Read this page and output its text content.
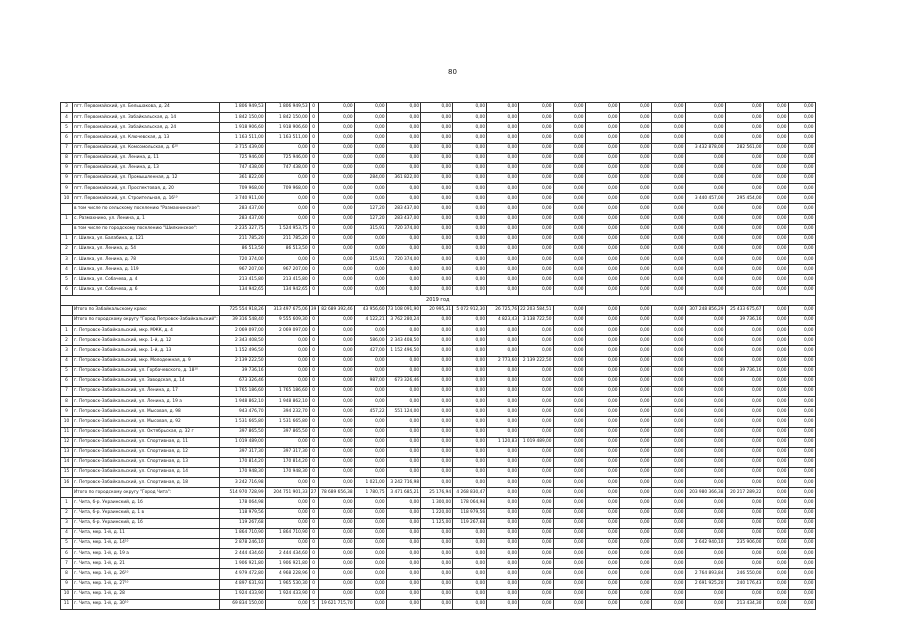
80
3	пгт. Первомайский, ул. Бельшакова, д. 24	1 806 949,53	1 806 949,53	0	0,00	0,00	0,00	0,00	0,00	0,00	0,00	0,00	0,00	0,00	0,00	0,00	0,00	0,00	0,00
4	пгт. Первомайский, ул. Забайкальская, д. 14	1 842 150,00	1 842 150,00	0	0,00	0,00	0,00	0,00	0,00	0,00	0,00	0,00	0,00	0,00	0,00	0,00	0,00	0,00	0,00
5	пгт. Первомайский, ул. Забайкальская, д. 24	1 918 906,60	1 918 906,60	0	0,00	0,00	0,00	0,00	0,00	0,00	0,00	0,00	0,00	0,00	0,00	0,00	0,00	0,00	0,00
6	пгт. Первомайский, ул. Ключевская, д. 13	1 163 511,00	1 163 511,00	0	0,00	0,00	0,00	0,00	0,00	0,00	0,00	0,00	0,00	0,00	0,00	0,00	0,00	0,00	0,00
7	пгт. Первомайский, ул. Комсомольская, д. 6¹⁰	3 715 439,00	0,00	0	0,00	0,00	0,00	0,00	0,00	0,00	0,00	0,00	0,00	0,00	0,00	3 432 878,00	282 561,00	0,00	0,00
8	пгт. Первомайский, ул. Ленина, д. 11	725 946,00	725 946,00	0	0,00	0,00	0,00	0,00	0,00	0,00	0,00	0,00	0,00	0,00	0,00	0,00	0,00	0,00	0,00
9	пгт. Первомайский, ул. Ленина, д. 13	747 438,00	747 438,00	0	0,00	0,00	0,00	0,00	0,00	0,00	0,00	0,00	0,00	0,00	0,00	0,00	0,00	0,00	0,00
9	пгт. Первомайский, ул. Промышленная, д. 12	361 822,00	0,00	0	0,00	284,00	361 822,00	0,00	0,00	0,00	0,00	0,00	0,00	0,00	0,00	0,00	0,00	0,00	0,00
9	пгт. Первомайский, ул. Проспектовая, д. 20	709 968,00	709 968,00	0	0,00	0,00	0,00	0,00	0,00	0,00	0,00	0,00	0,00	0,00	0,00	0,00	0,00	0,00	0,00
10	пгт. Первомайский, ул. Строительная, д. 16¹⁰	3 740 911,00	0,00	0	0,00	0,00	0,00	0,00	0,00	0,00	0,00	0,00	0,00	0,00	0,00	3 440 457,00	295 454,00	0,00	0,00
	в том числе по сельскому поселению "Размахнинское":	283 437,00	0,00	0	0,00	127,20	283 437,00	0,00	0,00	0,00	0,00	0,00	0,00	0,00	0,00	0,00	0,00	0,00	0,00
1	с. Размахнино, ул. Ленина, д. 1	283 437,00	0,00	0	0,00	127,20	283 437,00	0,00	0,00	0,00	0,00	0,00	0,00	0,00	0,00	0,00	0,00	0,00	0,00
	в том числе по городскому поселению "Шилкинское":	2 235 327,75	1 524 953,75	0	0,00	315,91	720 374,00	0,00	0,00	0,00	0,00	0,00	0,00	0,00	0,00	0,00	0,00	0,00	0,00
1	г. Шилка, ул. Балабина, д. 121	211 785,20	211 785,20	0	0,00	0,00	0,00	0,00	0,00	0,00	0,00	0,00	0,00	0,00	0,00	0,00	0,00	0,00	0,00
2	г. Шилка, ул. Ленина, д. 54	86 513,50	86 513,50	0	0,00	0,00	0,00	0,00	0,00	0,00	0,00	0,00	0,00	0,00	0,00	0,00	0,00	0,00	0,00
3	г. Шилка, ул. Ленина, д. 78	720 374,00	0,00	0	0,00	315,91	720 374,00	0,00	0,00	0,00	0,00	0,00	0,00	0,00	0,00	0,00	0,00	0,00	0,00
4	г. Шилка, ул. Ленина, д. 119	967 207,00	967 207,00	0	0,00	0,00	0,00	0,00	0,00	0,00	0,00	0,00	0,00	0,00	0,00	0,00	0,00	0,00	0,00
5	г. Шилка, ул. Собачева, д. 4	213 415,80	213 415,80	0	0,00	0,00	0,00	0,00	0,00	0,00	0,00	0,00	0,00	0,00	0,00	0,00	0,00	0,00	0,00
6	г. Шилка, ул. Собачева, д. 6	134 942,65	134 942,65	0	0,00	0,00	0,00	0,00	0,00	0,00	0,00	0,00	0,00	0,00	0,00	0,00	0,00	0,00	0,00
2019 год																			
	Итого по Забайкальскому краю:	725 554 918,26	313 497 675,06	39	82 689 392,46	43 956,60	73 108 091,90	20 995,31	5 072 912,30	26 725,76	22 203 584,51	0,00	0,00	0,00	0,00	307 248 856,29	25 433 675,67	0,00	0,00
	Итого по городскому округу "Город Петровск-Забайкальский":	39 316 548,40	9 555 609,30	0	0,00	4 122,21	3 762 280,24	0,00	0,00	4 823,43	3 138 722,50	0,00	0,00	0,00	0,00	0,00	39 736,16	0,00	0,00
1	г. Петровск-Забайкальский, мкр. МЖК, д. 4	2 069 097,00	2 069 097,00	0	0,00	0,00	0,00	0,00	0,00	0,00	0,00	0,00	0,00	0,00	0,00	0,00	0,00	0,00	0,00
2	г. Петровск-Забайкальский, мкр. 1-й, д. 12	2 343 408,50	0,00	0	0,00	586,00	2 343 408,50	0,00	0,00	0,00	0,00	0,00	0,00	0,00	0,00	0,00	0,00	0,00	0,00
3	г. Петровск-Забайкальский, мкр. 1-й, д. 13	1 152 496,50	0,00	0	0,00	427,00	1 152 496,50	0,00	0,00	0,00	0,00	0,00	0,00	0,00	0,00	0,00	0,00	0,00	0,00
4	г. Петровск-Забайкальский, мкр. Молодежная, д. 9	2 139 222,50	0,00	0	0,00	0,00	0,00	0,00	0,00	2 773,60	2 139 222,50	0,00	0,00	0,00	0,00	0,00	0,00	0,00	0,00
5	г. Петровск-Забайкальский, ул. Горбачевского, д. 18¹⁰	39 736,16	0,00	0	0,00	0,00	0,00	0,00	0,00	0,00	0,00	0,00	0,00	0,00	0,00	0,00	39 736,16	0,00	0,00
6	г. Петровск-Забайкальский, ул. Заводская, д. 14	673 326,46	0,00	0	0,00	987,00	673 326,46	0,00	0,00	0,00	0,00	0,00	0,00	0,00	0,00	0,00	0,00	0,00	0,00
7	г. Петровск-Забайкальский, ул. Ленина, д. 17	1 765 186,60	1 765 186,60	0	0,00	0,00	0,00	0,00	0,00	0,00	0,00	0,00	0,00	0,00	0,00	0,00	0,00	0,00	0,00
8	г. Петровск-Забайкальский, ул. Ленина, д. 19 а	1 948 862,10	1 948 862,10	0	0,00	0,00	0,00	0,00	0,00	0,00	0,00	0,00	0,00	0,00	0,00	0,00	0,00	0,00	0,00
9	г. Петровск-Забайкальский, ул. Мысовая, д. 98	943 476,70	394 232,70	0	0,00	457,22	551 124,00	0,00	0,00	0,00	0,00	0,00	0,00	0,00	0,00	0,00	0,00	0,00	0,00
10	г. Петровск-Забайкальский, ул. Мысовая, д. 92	1 531 665,80	1 531 665,80	0	0,00	0,00	0,00	0,00	0,00	0,00	0,00	0,00	0,00	0,00	0,00	0,00	0,00	0,00	0,00
11	г. Петровск-Забайкальский, ул. Октябрьская, д. 32 г	397 865,50	397 865,50	0	0,00	0,00	0,00	0,00	0,00	0,00	0,00	0,00	0,00	0,00	0,00	0,00	0,00	0,00	0,00
12	г. Петровск-Забайкальский, ул. Спортивная, д. 11	1 019 489,00	0,00	0	0,00	0,00	0,00	0,00	0,00	1 120,83	1 019 489,00	0,00	0,00	0,00	0,00	0,00	0,00	0,00	0,00
13	г. Петровск-Забайкальский, ул. Спортивная, д. 12	397 317,30	397 317,30	0	0,00	0,00	0,00	0,00	0,00	0,00	0,00	0,00	0,00	0,00	0,00	0,00	0,00	0,00	0,00
14	г. Петровск-Забайкальский, ул. Спортивная, д. 13	170 814,20	170 814,20	0	0,00	0,00	0,00	0,00	0,00	0,00	0,00	0,00	0,00	0,00	0,00	0,00	0,00	0,00	0,00
15	г. Петровск-Забайкальский, ул. Спортивная, д. 14	170 948,30	170 948,30	0	0,00	0,00	0,00	0,00	0,00	0,00	0,00	0,00	0,00	0,00	0,00	0,00	0,00	0,00	0,00
16	г. Петровск-Забайкальский, ул. Спортивная, д. 18	3 242 716,98	0,00	0	0,00	1 021,00	3 242 716,98	0,00	0,00	0,00	0,00	0,00	0,00	0,00	0,00	0,00	0,00	0,00	0,00
	Итого по городскому округу "Город Чита":	514 970 728,99	204 751 901,33	27	78 689 656,38	1 780,75	3 471 685,21	25 176,94	4 268 830,47	0,00	0,00	0,00	0,00	0,00	0,00	203 980 366,38	20 217 289,22	0,00	0,00
1	г. Чита, б-р. Украинский, д. 1б	178 064,98	0,00	0	0,00	0,00	0,00	1 300,00	178 064,98	0,00	0,00	0,00	0,00	0,00	0,00	0,00	0,00	0,00	0,00
2	г. Чита, б-р. Украинский, д. 1 в	118 979,56	0,00	0	0,00	0,00	0,00	1 220,00	118 979,56	0,00	0,00	0,00	0,00	0,00	0,00	0,00	0,00	0,00	0,00
3	г. Чита, б-р. Украинский, д. 1б	119 267,68	0,00	0	0,00	0,00	0,00	1 125,00	119 267,68	0,00	0,00	0,00	0,00	0,00	0,00	0,00	0,00	0,00	0,00
4	г. Чита, мкр. 1-й, д. 11	1 864 710,90	1 864 710,90	0	0,00	0,00	0,00	0,00	0,00	0,00	0,00	0,00	0,00	0,00	0,00	0,00	0,00	0,00	0,00
5	г. Чита, мкр. 1-й, д. 14¹⁰	2 878 246,10	0,00	0	0,00	0,00	0,00	0,00	0,00	0,00	0,00	0,00	0,00	0,00	0,00	2 642 940,10	235 906,00	0,00	0,00
6	г. Чита, мкр. 1-й, д. 19 а	2 444 434,60	2 444 434,60	0	0,00	0,00	0,00	0,00	0,00	0,00	0,00	0,00	0,00	0,00	0,00	0,00	0,00	0,00	0,00
7	г. Чита, мкр. 1-й, д. 21	1 906 921,80	1 906 921,80	0	0,00	0,00	0,00	0,00	0,00	0,00	0,00	0,00	0,00	0,00	0,00	0,00	0,00	0,00	0,00
8	г. Чита, мкр. 1-й, д. 26¹⁰	4 979 472,80	4 968 228,96	0	0,00	0,00	0,00	0,00	0,00	0,00	0,00	0,00	0,00	0,00	0,00	2 764 893,84	246 550,00	0,00	0,00
9	г. Чита, мкр. 1-й, д. 27¹⁰	4 897 631,93	1 965 530,30	0	0,00	0,00	0,00	0,00	0,00	0,00	0,00	0,00	0,00	0,00	0,00	2 691 925,20	240 176,43	0,00	0,00
10	г. Чита, мкр. 1-й, д. 28	1 924 433,90	1 924 433,90	0	0,00	0,00	0,00	0,00	0,00	0,00	0,00	0,00	0,00	0,00	0,00	0,00	0,00	0,00	0,00
11	г. Чита, мкр. 1-й, д. 30¹⁰	69 834 150,00	0,00	5	19 621 715,70	0,00	0,00	0,00	0,00	0,00	0,00	0,00	0,00	0,00	0,00	0,00	213 434,30	0,00	0,00
